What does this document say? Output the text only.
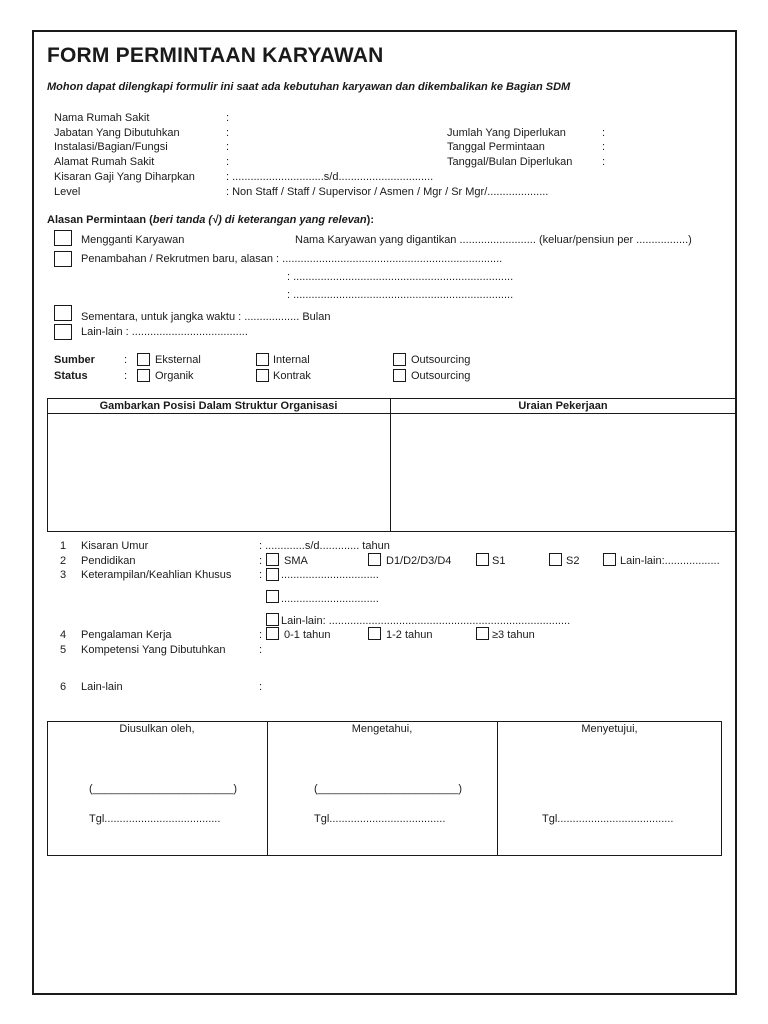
FORM PERMINTAAN KARYAWAN
Mohon dapat dilengkapi formulir ini saat ada kebutuhan karyawan dan dikembalikan ke Bagian SDM
Nama Rumah Sakit	:
Jabatan Yang Dibutuhkan	:
Instalasi/Bagian/Fungsi	:
Alamat Rumah Sakit	:
Kisaran Gaji Yang Diharpkan	: ..............................s/d...............................
Level	: Non Staff / Staff / Supervisor / Asmen / Mgr / Sr Mgr/....................
Jumlah Yang Diperlukan	:
Tanggal Permintaan	:
Tanggal/Bulan Diperlukan	:
Alasan Permintaan (beri tanda (√) di keterangan yang relevan):
Mengganti Karyawan	Nama Karyawan yang digantikan ......................... (keluar/pensiun per .................)
Penambahan / Rekrutmen baru, alasan : ........................................................................
: ........................................................................
: ........................................................................
Sementara, untuk jangka waktu : .................. Bulan
Lain-lain : ......................................
Sumber	:	Eksternal	Internal	Outsourcing
Status	:	Organik	Kontrak	Outsourcing
Gambarkan Posisi Dalam Struktur Organisasi	Uraian Pekerjaan
1 Kisaran Umur	: .............s/d............. tahun
2 Pendidikan	: SMA	D1/D2/D3/D4	S1	S2	Lain-lain:..................
3 Keterampilan/Keahlian Khusus	: ................................
................................
Lain-lain: ...............................................................................
4 Pengalaman Kerja	: 0-1 tahun	1-2 tahun	≥3 tahun
5 Kompetensi Yang Dibutuhkan	:
6 Lain-lain	:
Diusulkan oleh,
(_______________________)
Tgl......................................
Mengetahui,
(_______________________)
Tgl......................................
Menyetujui,
Tgl......................................
